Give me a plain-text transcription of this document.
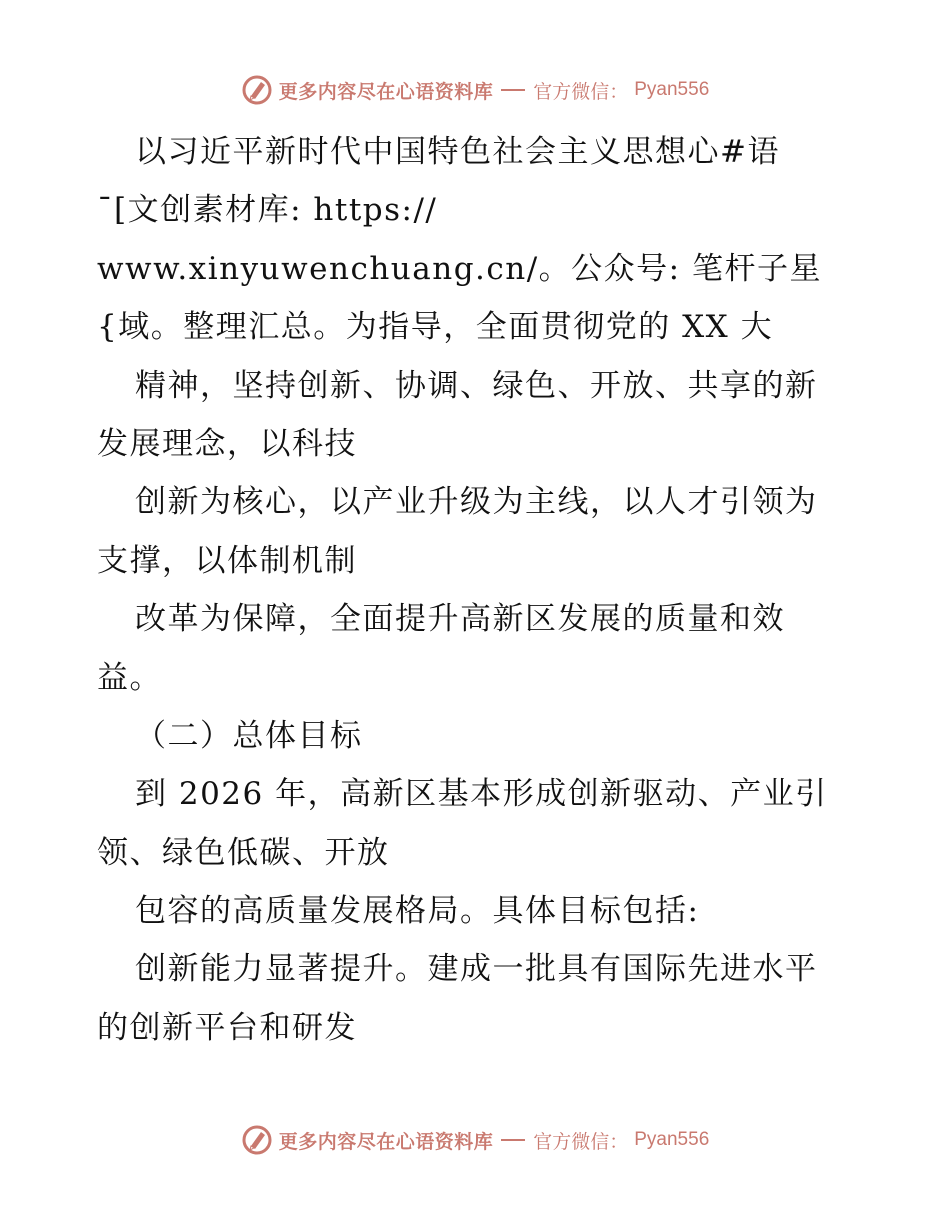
更多内容尽在心语资料库 官方微信： Pyan556
以习近平新时代中国特色社会主义思想心#语
¯[文创素材库: https://
www.xinyuwenchuang.cn/。公众号: 笔杆子星
{域。整理汇总。为指导，全面贯彻党的 XX 大
精神，坚持创新、协调、绿色、开放、共享的新
发展理念，以科技
创新为核心，以产业升级为主线，以人才引领为
支撑，以体制机制
改革为保障，全面提升高新区发展的质量和效
益。
（二）总体目标
到 2026 年，高新区基本形成创新驱动、产业引
领、绿色低碳、开放
包容的高质量发展格局。具体目标包括:
创新能力显著提升。建成一批具有国际先进水平
的创新平台和研发
更多内容尽在心语资料库 官方微信： Pyan556
